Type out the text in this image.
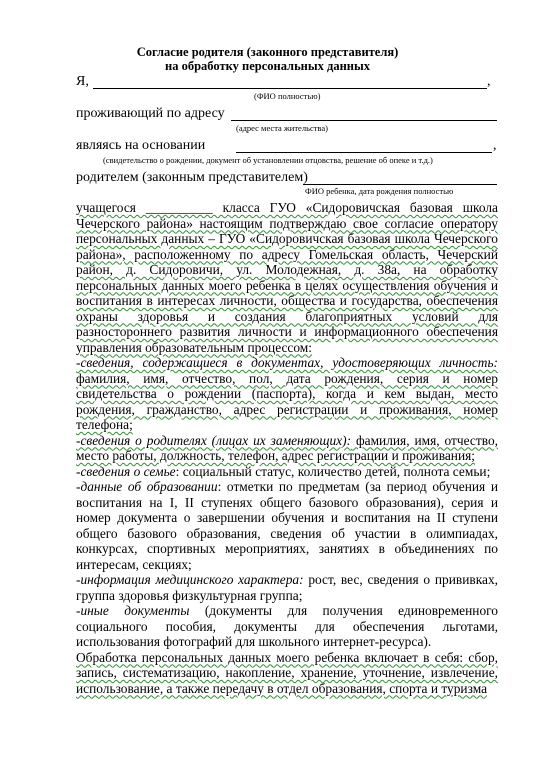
Согласие родителя (законного представителя)
на обработку персональных данных
Я,	,
(ФИО полностью)
проживающий по адресу
(адрес места жительства)
являясь на основании	,
(свидетельство о рождении, документ об установлении отцовства, решение об опеке и т.д.)
родителем (законным представителем)
ФИО ребенка, дата рождения полностью

учащегося __________ класса ГУО «Сидоровичская базовая школа Чечерского района» настоящим подтверждаю свое согласие оператору персональных данных – ГУО «Сидоровичская базовая школа Чечерского района», расположенному по адресу Гомельская область, Чечерский район, д. Сидоровичи, ул. Молодежная, д. 38а, на обработку персональных данных моего ребенка в целях осуществления обучения и воспитания в интересах личности, общества и государства, обеспечения охраны здоровья и создания благоприятных условий для разностороннего развития личности и информационного обеспечения управления образовательным процессом:

-сведения, содержащиеся в документах, удостоверяющих личность: фамилия, имя, отчество, пол, дата рождения, серия и номер свидетельства о рождении (паспорта), когда и кем выдан, место рождения, гражданство, адрес регистрации и проживания, номер телефона;

-сведения о родителях (лицах их заменяющих): фамилия, имя, отчество, место работы, должность, телефон, адрес регистрации и проживания;

-сведения о семье: социальный статус, количество детей, полнота семьи;

-данные об образовании: отметки по предметам (за период обучения и воспитания на I, II ступенях общего базового образования), серия и номер документа о завершении обучения и воспитания на II ступени общего базового образования, сведения об участии в олимпиадах, конкурсах, спортивных мероприятиях, занятиях в объединениях по интересам, секциях;

-информация медицинского характера: рост, вес, сведения о прививках, группа здоровья физкультурная группа;

-иные документы (документы для получения единовременного социального пособия, документы для обеспечения льготами, использования фотографий для школьного интернет-ресурса).

Обработка персональных данных моего ребенка включает в себя: сбор, запись, систематизацию, накопление, хранение, уточнение, извлечение, использование, а также передачу в отдел образования, спорта и туризма
